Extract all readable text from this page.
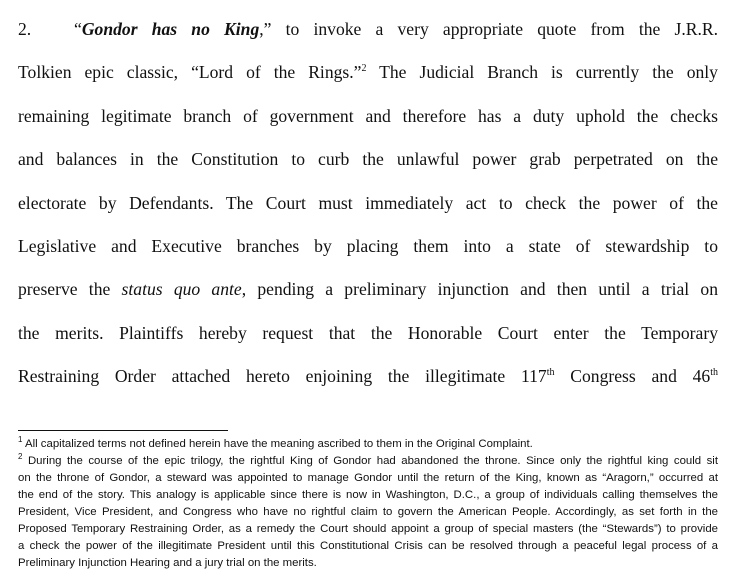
2. “Gondor has no King,” to invoke a very appropriate quote from the J.R.R.
Tolkien epic classic, “Lord of the Rings.”$^2$ The Judicial Branch is currently the only
remaining legitimate branch of government and therefore has a duty uphold the checks
and balances in the Constitution to curb the unlawful power grab perpetrated on the
electorate by Defendants. The Court must immediately act to check the power of the
Legislative and Executive branches by placing them into a state of stewardship to
preserve the status quo ante, pending a preliminary injunction and then until a trial on
the merits. Plaintiffs hereby request that the Honorable Court enter the Temporary
Restraining Order attached hereto enjoining the illegitimate 117th Congress and 46th
$^1$ All capitalized terms not defined herein have the meaning ascribed to them in the Original Complaint.
$^2$ During the course of the epic trilogy, the rightful King of Gondor had abandoned the throne. Since only the rightful king could sit
on the throne of Gondor, a steward was appointed to manage Gondor until the return of the King, known as “Aragorn,” occurred at
the end of the story. This analogy is applicable since there is now in Washington, D.C., a group of individuals calling themselves the
President, Vice President, and Congress who have no rightful claim to govern the American People. Accordingly, as set forth in the
Proposed Temporary Restraining Order, as a remedy the Court should appoint a group of special masters (the “Stewards”) to provide
a check the power of the illegitimate President until this Constitutional Crisis can be resolved through a peaceful legal process of a
Preliminary Injunction Hearing and a jury trial on the merits.
